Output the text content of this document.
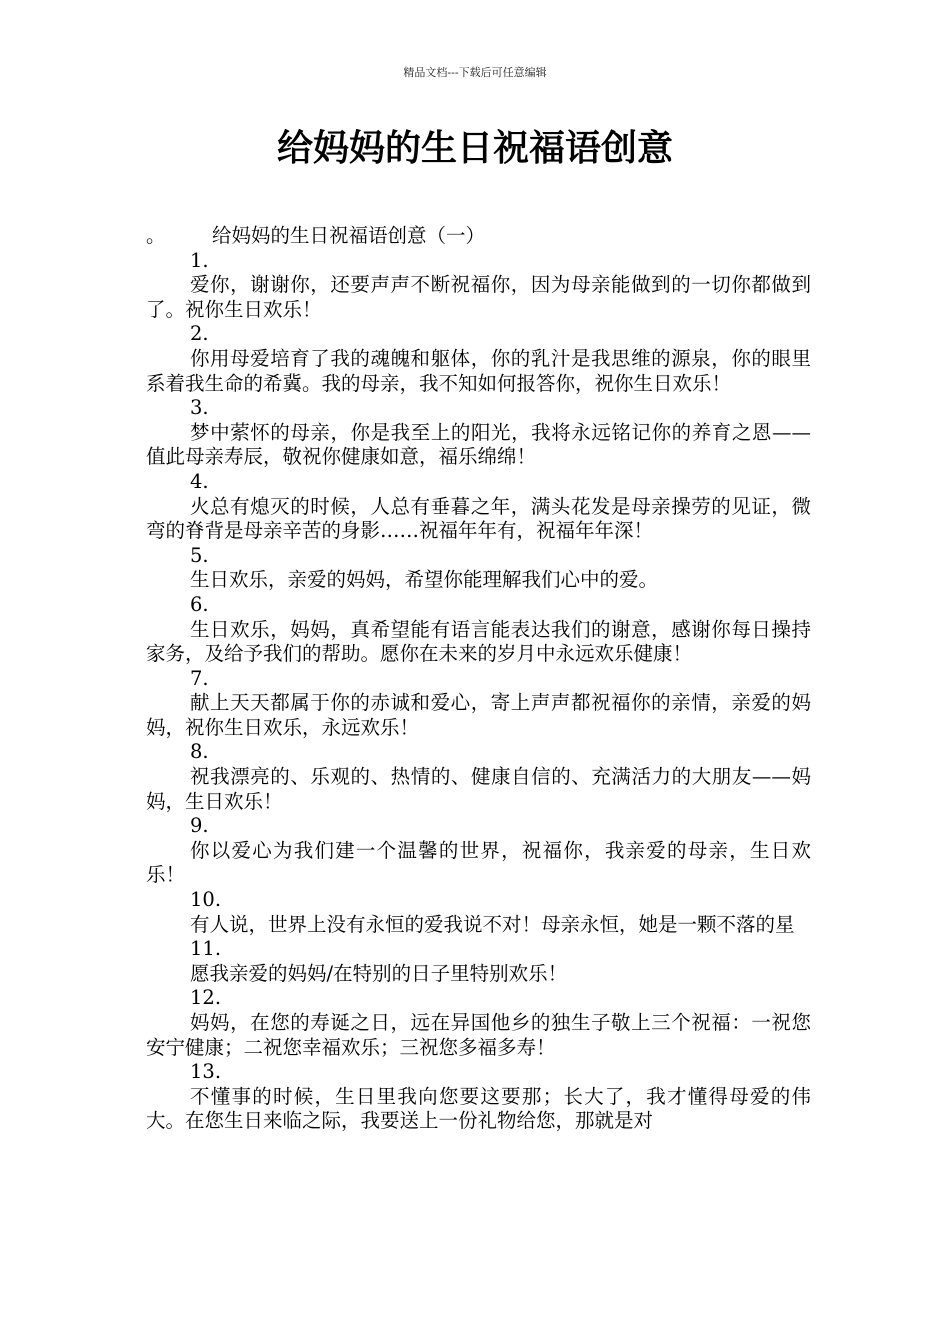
精品文档---下载后可任意编辑
给妈妈的生日祝福语创意
。 给妈妈的生日祝福语创意（一）
1.

爱你，谢谢你，还要声声不断祝福你，因为母亲能做到的一切你都做到了。祝你生日欢乐！

2.

你用母爱培育了我的魂魄和躯体，你的乳汁是我思维的源泉，你的眼里系着我生命的希冀。我的母亲，我不知如何报答你，祝你生日欢乐！

3.

梦中萦怀的母亲，你是我至上的阳光，我将永远铭记你的养育之恩——值此母亲寿辰，敬祝你健康如意，福乐绵绵！

4.

火总有熄灭的时候，人总有垂暮之年，满头花发是母亲操劳的见证，微弯的脊背是母亲辛苦的身影……祝福年年有，祝福年年深！

5.

生日欢乐，亲爱的妈妈，希望你能理解我们心中的爱。

6.

生日欢乐，妈妈，真希望能有语言能表达我们的谢意，感谢你每日操持家务，及给予我们的帮助。愿你在未来的岁月中永远欢乐健康！

7.

献上天天都属于你的赤诚和爱心，寄上声声都祝福你的亲情，亲爱的妈妈，祝你生日欢乐，永远欢乐！

8.

祝我漂亮的、乐观的、热情的、健康自信的、充满活力的大朋友——妈妈，生日欢乐！

9.

你以爱心为我们建一个温馨的世界，祝福你，我亲爱的母亲，生日欢乐！

10.

有人说，世界上没有永恒的爱我说不对！母亲永恒，她是一颗不落的星

11.

愿我亲爱的妈妈/在特别的日子里特别欢乐！

12.

妈妈，在您的寿诞之日，远在异国他乡的独生子敬上三个祝福：一祝您安宁健康；二祝您幸福欢乐；三祝您多福多寿！

13.

不懂事的时候，生日里我向您要这要那；长大了，我才懂得母爱的伟大。在您生日来临之际，我要送上一份礼物给您，那就是对
